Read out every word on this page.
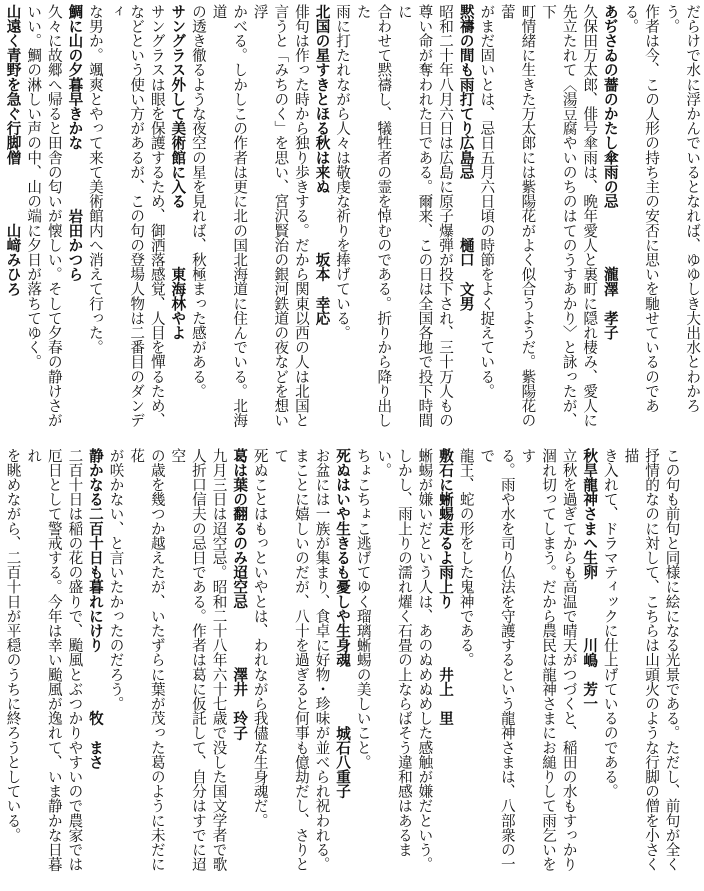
だらけで水に浮かんでいるとなれば、ゆゆしき大出水とわかろう。
作者は今、この人形の持ち主の安否に思いを馳せているのである。
あぢさゐの薔のかたし傘雨の忌　　　　瀧澤　孝子
久保田万太郎、俳号傘雨は、晩年愛人と裏町に隠れ棲み、愛人に
先立たれて〈湯豆腐やいのちのはてのうすあかり〉と詠ったが、下
町情緒に生きた万太郎には紫陽花がよく似合うようだ。紫陽花の蕾
がまだ固いとは、忌日五月六日頃の時節をよく捉えている。
黙禱の間も雨打てり広島忌　　　　樋口　文男
昭和二十年八月六日は広島に原子爆弾が投下され、三十万人もの
尊い命が奪われた日である。爾来、この日は全国各地で投下時間に
合わせて黙禱し、犠牲者の霊を悼むのである。折りから降り出した
雨に打たれながら人々は敬虔な祈りを捧げている。
北国の星すきとほる秋は来ぬ　　　　坂本　幸応
俳句は作った時から独り歩きする。だから関東以西の人は北国と
言うと「みちのく」を思い、宮沢賢治の銀河鉄道の夜などを想い浮
かべる。しかしこの作者は更に北の国北海道に住んでいる。北海道
の透き徹るような夜空の星を見れば、秋極まった感がある。
サングラス外して美術館に入る　　　　東海林やよ
サングラスは眼を保護するため、御洒落感覚、人目を憚るため、
などという使い方があるが、この句の登場人物は二番目のダンディ
な男か。颯爽とやって来て美術館内へ消えて行った。
鯛に山の夕暮早きかな　　　　岩田かつら
久々に故郷へ帰ると田舎の匂いが懐しい。そして夕春の静けさが
いい。鯛の淋しい声の中、山の端に夕日が落ちてゆく。
山遠く青野を急ぐ行脚僧　　　　山﨑みひろ
この句も前句と同様に絵になる光景である。ただし、前句が全く
抒情的なのに対して、こちらは山頭火のような行脚の僧を小さく描
き入れて、ドラマティックに仕上げているのである。
秋旱龍神さまへ生卵　　　　川嶋　芳一
立秋を過ぎてからも高温で晴天がつづくと、稲田の水もすっかり
涸れ切ってしまう。だから農民は龍神さまにお縋りして雨乞いをす
る。雨や水を司り仏法を守護するという龍神さまは、八部衆の一で
龍王、蛇の形をした鬼神である。
敷石に蜥蜴走るよ雨上り　　　　井上　里
蜥蜴が嫌いだという人は、あのぬめぬめした感触が嫌だという。
しかし、雨上りの濡れ燿く石畳の上ならばそう違和感はあるまい。
ちょこちょこ逃げてゆく瑠璃蜥蜴の美しいこと。
死ぬはいや生きるも憂しや生身魂　　　　城石八重子
お盆には一族が集まり、食卓に好物・珍味が並べられ祝われる。
まことに嬉しいのだが、八十を過ぎると何事も億劫だし、さりとて
死ぬことはもっといやとは、われながら我儘な生身魂だ。
葛は葉の翻るのみ迢空忌　　　　澤井　玲子
九月三日は迢空忌。昭和二十八年六十七歳で没した国文学者で歌
人折口信夫の忌日である。作者は葛に仮託して、自分はすでに迢空
の歳を幾つか越えたが、いたずらに葉が茂った葛のように未だに花
が咲かない、と言いたかったのだろう。
静かなる二百十日も暮れにけり　　　　牧　まさ
二百十日は稲の花の盛りで、颱風とぶつかりやすいので農家では
厄日として警戒する。今年は幸い颱風が逸れて、いま静かな日暮れ
を眺めながら、二百十日が平穏のうちに終ろうとしている。
